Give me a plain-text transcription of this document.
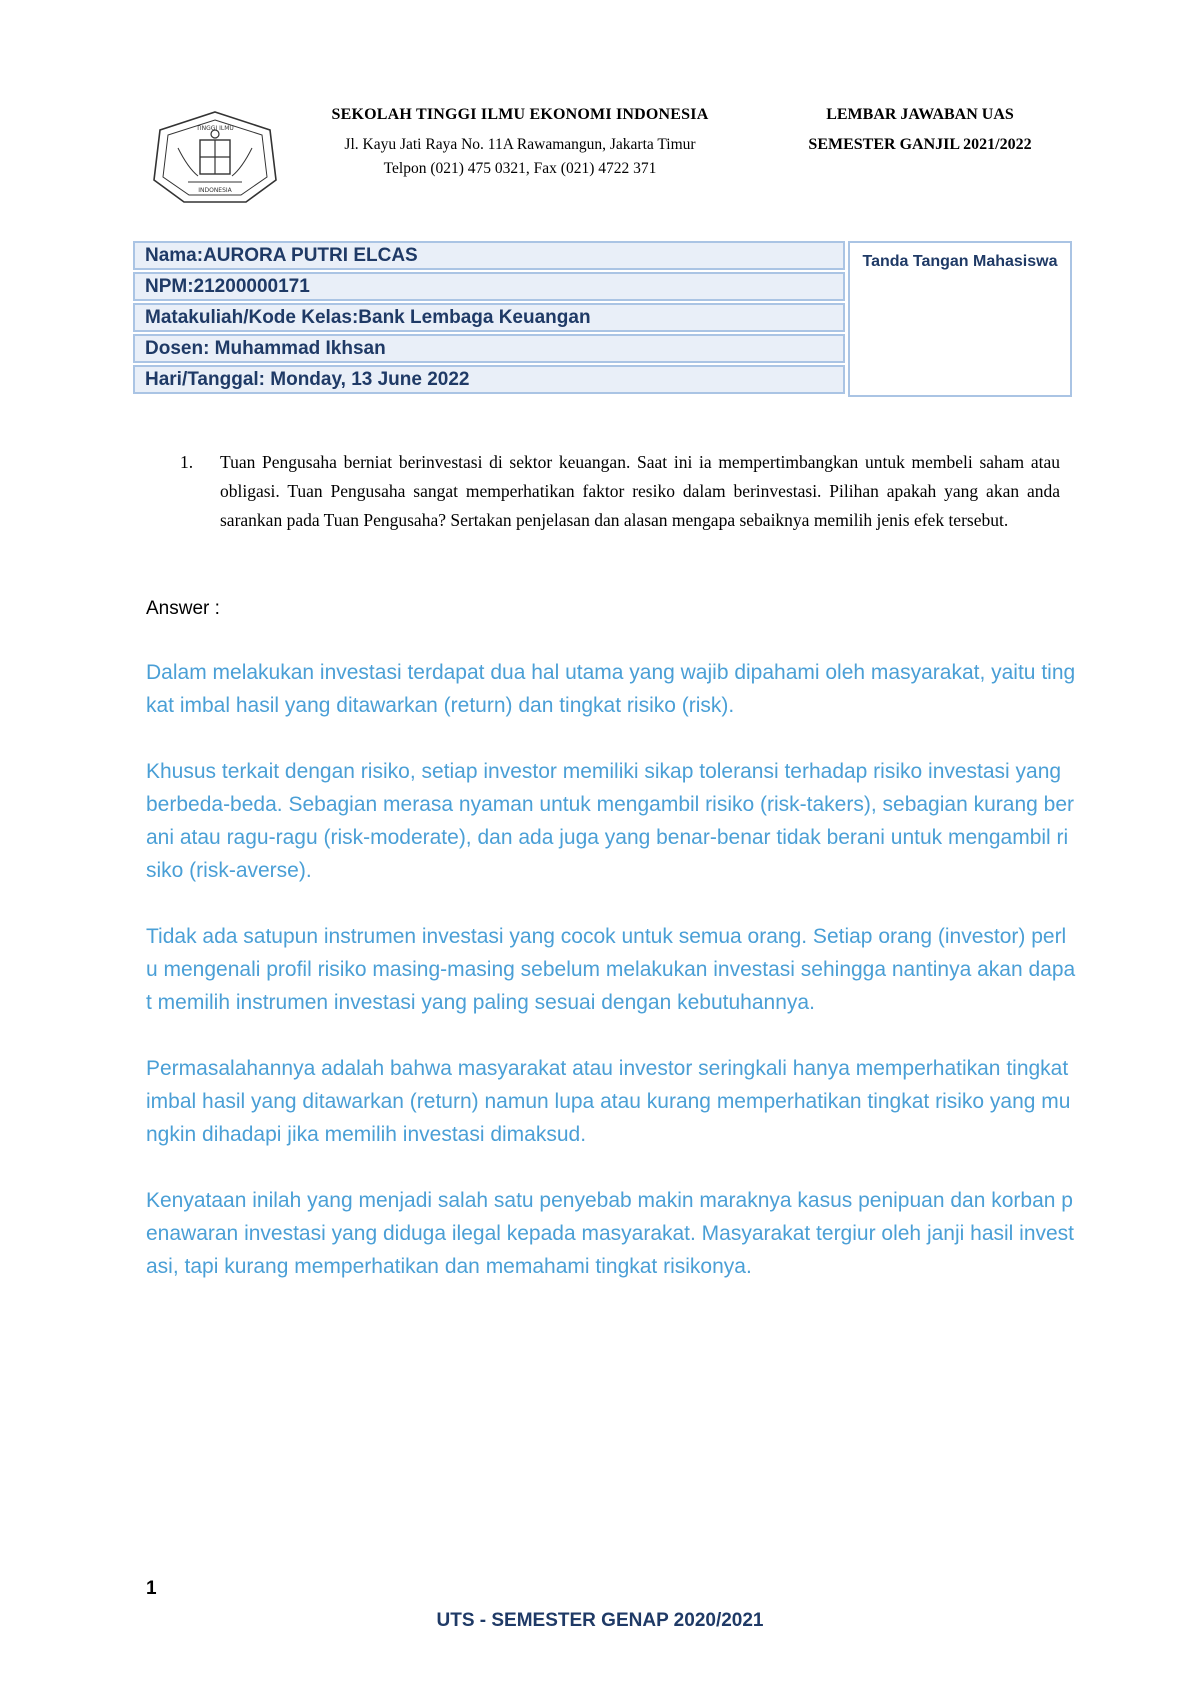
TINGGI ILMU
INDONESIA
SEKOLAH TINGGI ILMU EKONOMI INDONESIA
Jl. Kayu Jati Raya No. 11A Rawamangun, Jakarta Timur
Telpon (021) 475 0321, Fax (021) 4722 371
LEMBAR JAWABAN UAS
SEMESTER GANJIL 2021/2022
Nama:AURORA PUTRI ELCAS
NPM:21200000171
Matakuliah/Kode Kelas:Bank Lembaga Keuangan
Dosen: Muhammad Ikhsan
Hari/Tanggal: Monday, 13 June 2022
Tanda Tangan Mahasiswa
1.	Tuan Pengusaha berniat berinvestasi di sektor keuangan. Saat ini ia mempertimbangkan untuk membeli saham atau obligasi. Tuan Pengusaha sangat memperhatikan faktor resiko dalam berinvestasi. Pilihan apakah yang akan anda sarankan pada Tuan Pengusaha? Sertakan penjelasan dan alasan mengapa sebaiknya memilih jenis efek tersebut.
Answer :

Dalam melakukan investasi terdapat dua hal utama yang wajib dipahami oleh masyarakat, yaitu tingkat imbal hasil yang ditawarkan (return) dan tingkat risiko (risk).

Khusus terkait dengan risiko, setiap investor memiliki sikap toleransi terhadap risiko investasi yang berbeda-beda. Sebagian merasa nyaman untuk mengambil risiko (risk-takers), sebagian kurang berani atau ragu-ragu (risk-moderate), dan ada juga yang benar-benar tidak berani untuk mengambil risiko (risk-averse).

Tidak ada satupun instrumen investasi yang cocok untuk semua orang. Setiap orang (investor) perlu mengenali profil risiko masing-masing sebelum melakukan investasi sehingga nantinya akan dapat memilih instrumen investasi yang paling sesuai dengan kebutuhannya.

Permasalahannya adalah bahwa masyarakat atau investor seringkali hanya memperhatikan tingkat imbal hasil yang ditawarkan (return) namun lupa atau kurang memperhatikan tingkat risiko yang mungkin dihadapi jika memilih investasi dimaksud.

Kenyataan inilah yang menjadi salah satu penyebab makin maraknya kasus penipuan dan korban penawaran investasi yang diduga ilegal kepada masyarakat. Masyarakat tergiur oleh janji hasil investasi, tapi kurang memperhatikan dan memahami tingkat risikonya.

1
UTS - SEMESTER GENAP 2020/2021
